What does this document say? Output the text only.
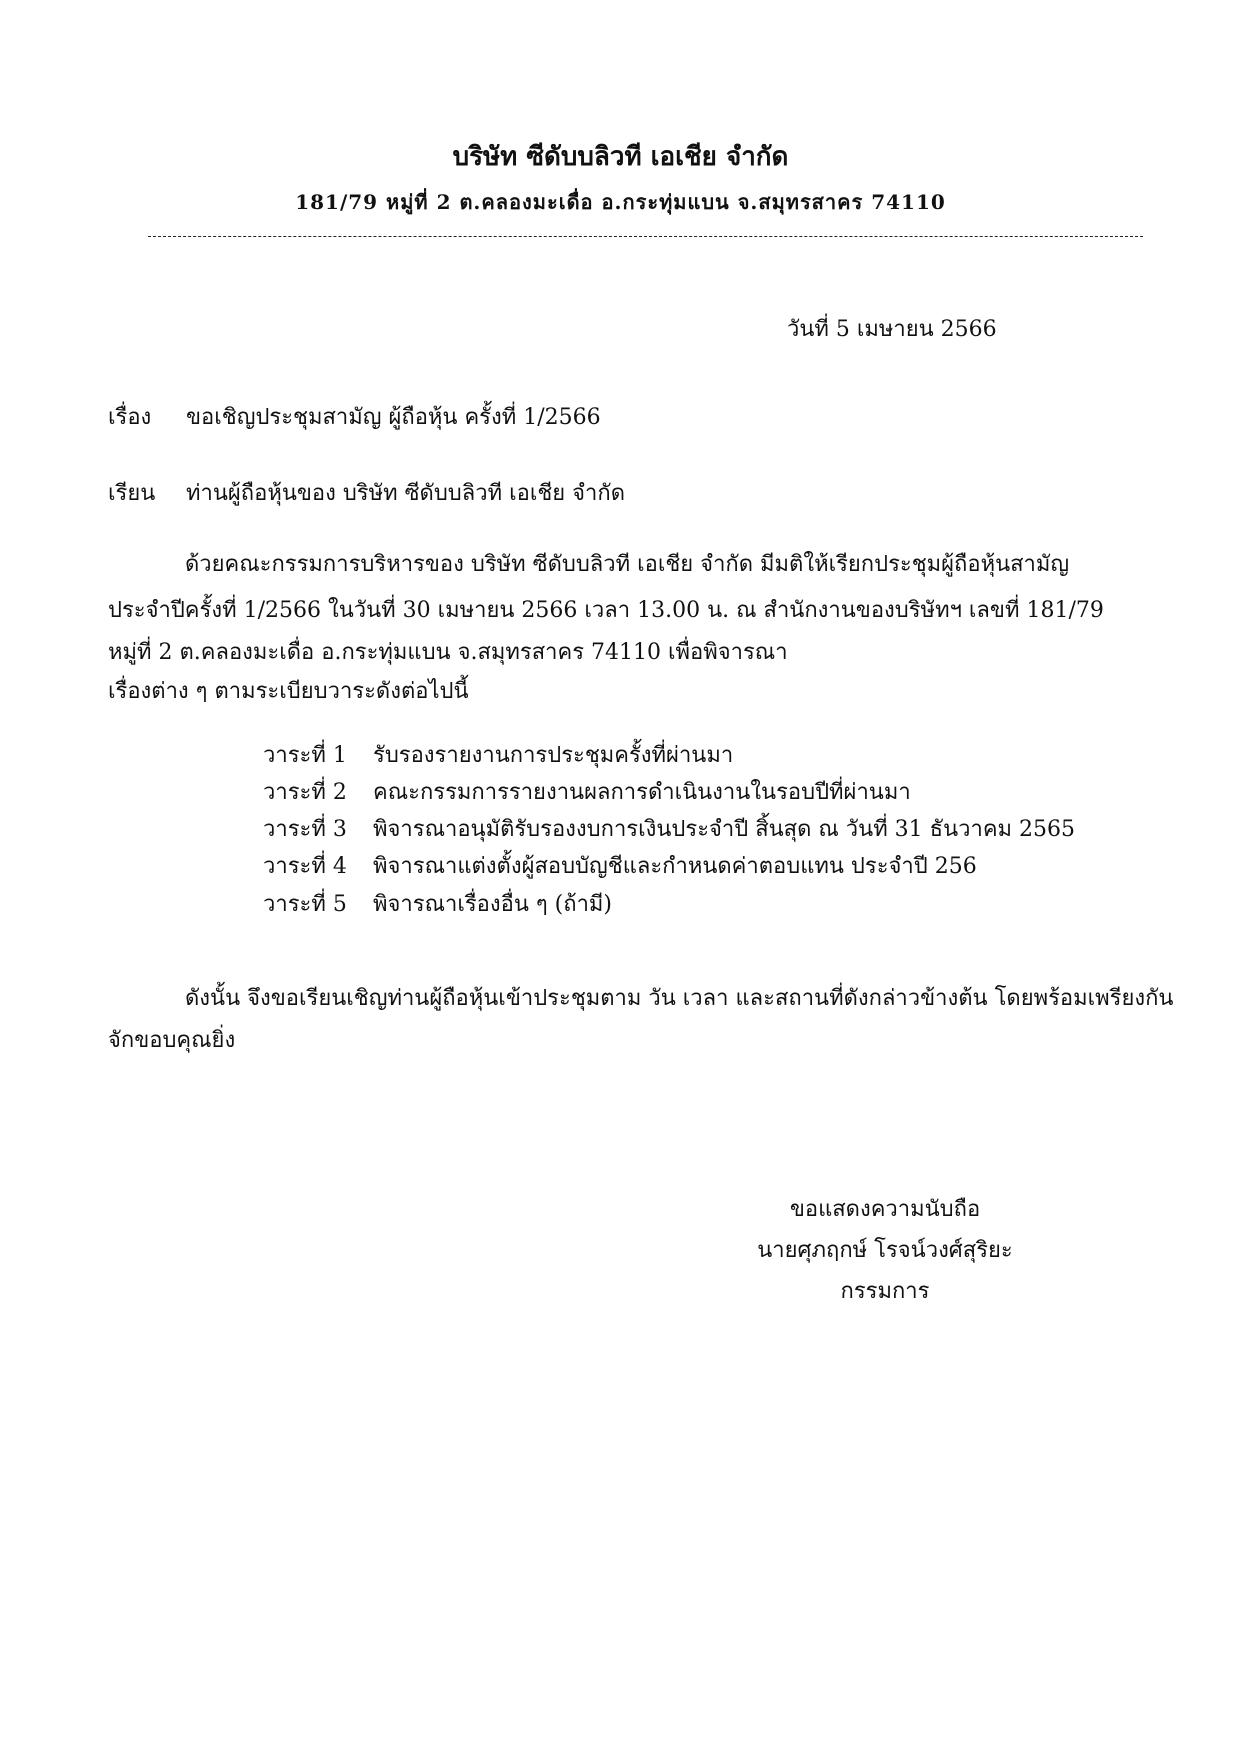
บริษัท ซีดับบลิวที เอเชีย จำกัด
181/79 หมู่ที่ 2 ต.คลองมะเดื่อ อ.กระทุ่มแบน จ.สมุทรสาคร 74110
วันที่ 5 เมษายน 2566
เรื่อง ขอเชิญประชุมสามัญ ผู้ถือหุ้น ครั้งที่ 1/2566
เรียน ท่านผู้ถือหุ้นของ บริษัท ซีดับบลิวที เอเชีย จำกัด
ด้วยคณะกรรมการบริหารของ บริษัท ซีดับบลิวที เอเชีย จำกัด มีมติให้เรียกประชุมผู้ถือหุ้นสามัญ
ประจำปีครั้งที่ 1/2566 ในวันที่ 30 เมษายน 2566 เวลา 13.00 น. ณ สำนักงานของบริษัทฯ เลขที่ 181/79
หมู่ที่ 2 ต.คลองมะเดื่อ อ.กระทุ่มแบน จ.สมุทรสาคร 74110 เพื่อพิจารณา
เรื่องต่าง ๆ ตามระเบียบวาระดังต่อไปนี้
วาระที่ 1 รับรองรายงานการประชุมครั้งที่ผ่านมา
วาระที่ 2 คณะกรรมการรายงานผลการดำเนินงานในรอบปีที่ผ่านมา
วาระที่ 3 พิจารณาอนุมัติรับรองงบการเงินประจำปี สิ้นสุด ณ วันที่ 31 ธันวาคม 2565
วาระที่ 4 พิจารณาแต่งตั้งผู้สอบบัญชีและกำหนดค่าตอบแทน ประจำปี 256
วาระที่ 5 พิจารณาเรื่องอื่น ๆ (ถ้ามี)
ดังนั้น จึงขอเรียนเชิญท่านผู้ถือหุ้นเข้าประชุมตาม วัน เวลา และสถานที่ดังกล่าวข้างต้น โดยพร้อมเพรียงกัน
จักขอบคุณยิ่ง
ขอแสดงความนับถือ
นายศุภฤกษ์ โรจน์วงศ์สุริยะ
กรรมการ
